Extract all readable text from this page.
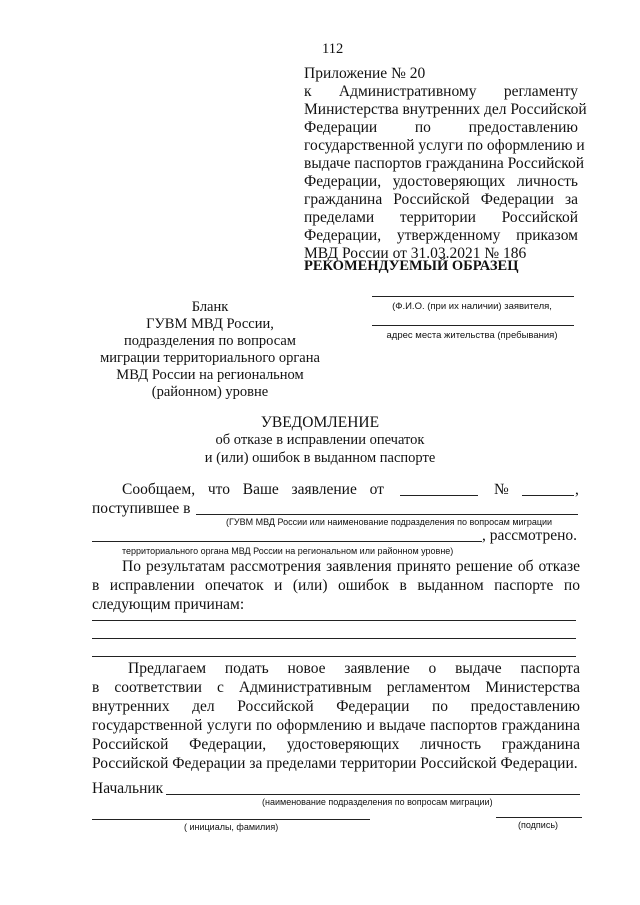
112
Приложение № 20
к Административному регламенту
Министерства внутренних дел Российской
Федерации по предоставлению
государственной услуги по оформлению и
выдаче паспортов гражданина Российской
Федерации, удостоверяющих личность
гражданина Российской Федерации за
пределами территории Российской
Федерации, утвержденному приказом
МВД России от 31.03.2021 № 186
РЕКОМЕНДУЕМЫЙ ОБРАЗЕЦ
Бланк
ГУВМ МВД России,
подразделения по вопросам
миграции территориального органа
МВД России на региональном
(районном) уровне
(Ф.И.О. (при их наличии) заявителя,
адрес места жительства (пребывания)
УВЕДОМЛЕНИЕ
об отказе в исправлении опечаток
и (или) ошибок в выданном паспорте
Сообщаем, что Ваше заявление от	№	,
поступившее в
(ГУВМ МВД России или наименование подразделения по вопросам миграции
, рассмотрено.
территориального органа МВД России на региональном или районном уровне)
По результатам рассмотрения заявления принято решение об отказе
в исправлении опечаток и (или) ошибок в выданном паспорте по
следующим причинам:
Предлагаем подать новое заявление о выдаче паспорта
в соответствии с Административным регламентом Министерства
внутренних дел Российской Федерации по предоставлению
государственной услуги по оформлению и выдаче паспортов гражданина
Российской Федерации, удостоверяющих личность гражданина
Российской Федерации за пределами территории Российской Федерации.
Начальник
(наименование подразделения по вопросам миграции)
( инициалы, фамилия)	(подпись)
